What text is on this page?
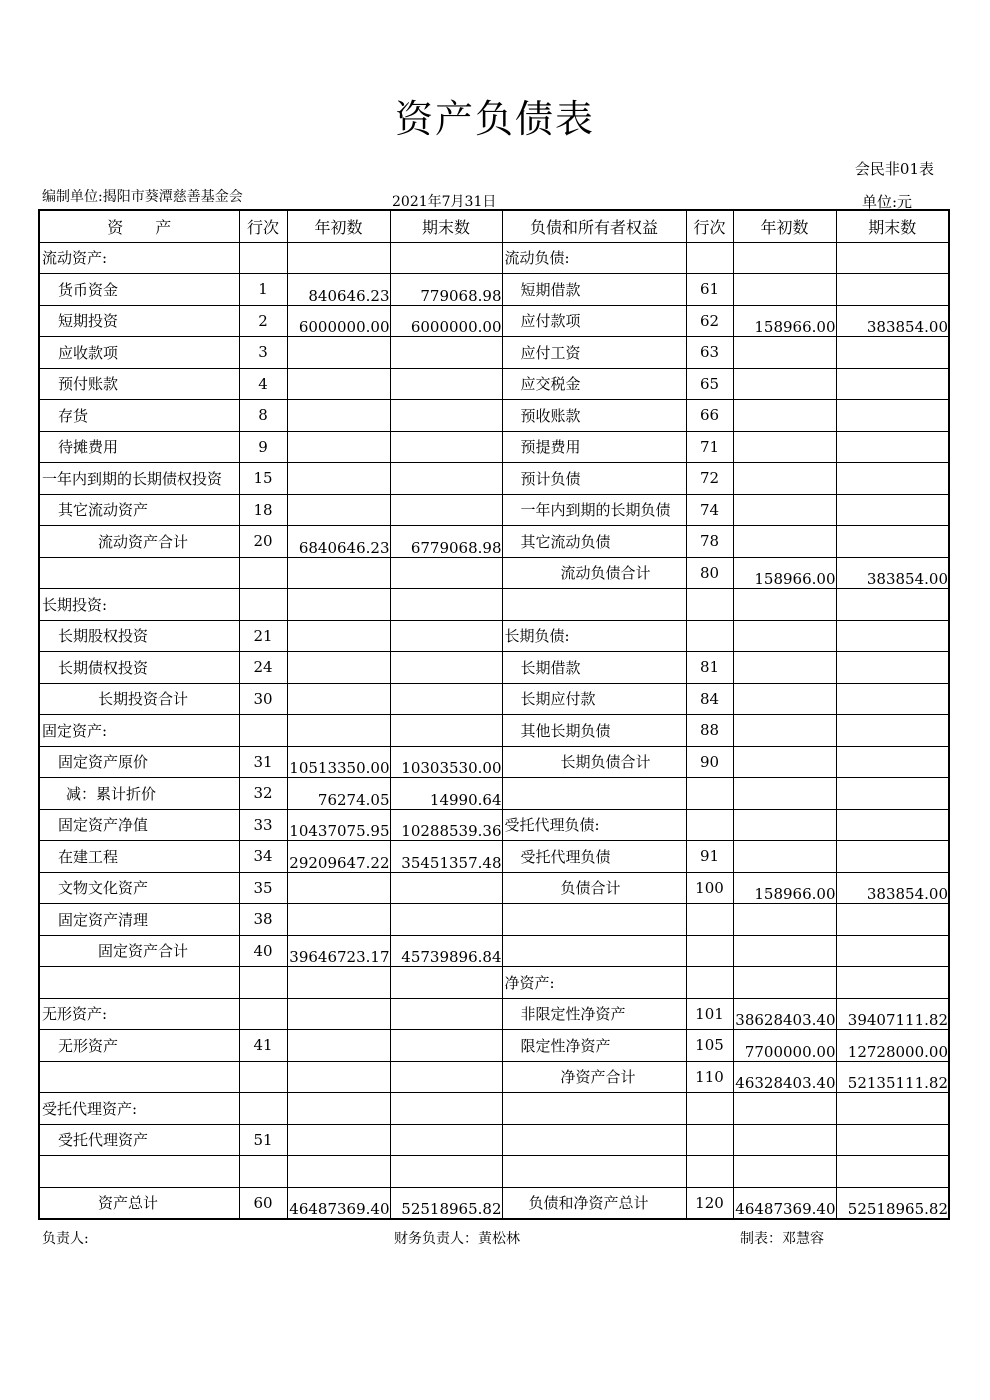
资产负债表
会民非01表
编制单位:揭阳市葵潭慈善基金会	2021年7月31日	单位:元
资　　产	行次	年初数	期末数	负债和所有者权益	行次	年初数	期末数
流动资产:				流动负债:			
货币资金	1	840646.23	779068.98	短期借款	61		
短期投资	2	6000000.00	6000000.00	应付款项	62	158966.00	383854.00
应收款项	3			应付工资	63		
预付账款	4			应交税金	65		
存货	8			预收账款	66		
待摊费用	9			预提费用	71		
一年内到期的长期债权投资	15			预计负债	72		
其它流动资产	18			一年内到期的长期负债	74		
流动资产合计	20	6840646.23	6779068.98	其它流动负债	78		
				流动负债合计	80	158966.00	383854.00
长期投资:							
长期股权投资	21			长期负债:			
长期债权投资	24			长期借款	81		
长期投资合计	30			长期应付款	84		
固定资产:				其他长期负债	88		
固定资产原价	31	10513350.00	10303530.00	长期负债合计	90		
减：累计折价	32	76274.05	14990.64				
固定资产净值	33	10437075.95	10288539.36	受托代理负债:			
在建工程	34	29209647.22	35451357.48	受托代理负债	91		
文物文化资产	35			负债合计	100	158966.00	383854.00
固定资产清理	38						
固定资产合计	40	39646723.17	45739896.84				
				净资产:			
无形资产:				非限定性净资产	101	38628403.40	39407111.82
无形资产	41			限定性净资产	105	7700000.00	12728000.00
				净资产合计	110	46328403.40	52135111.82
受托代理资产:							
受托代理资产	51						

资产总计	60	46487369.40	52518965.82	负债和净资产总计	120	46487369.40	52518965.82
负责人:	财务负责人：黄松林	制表：邓慧容
